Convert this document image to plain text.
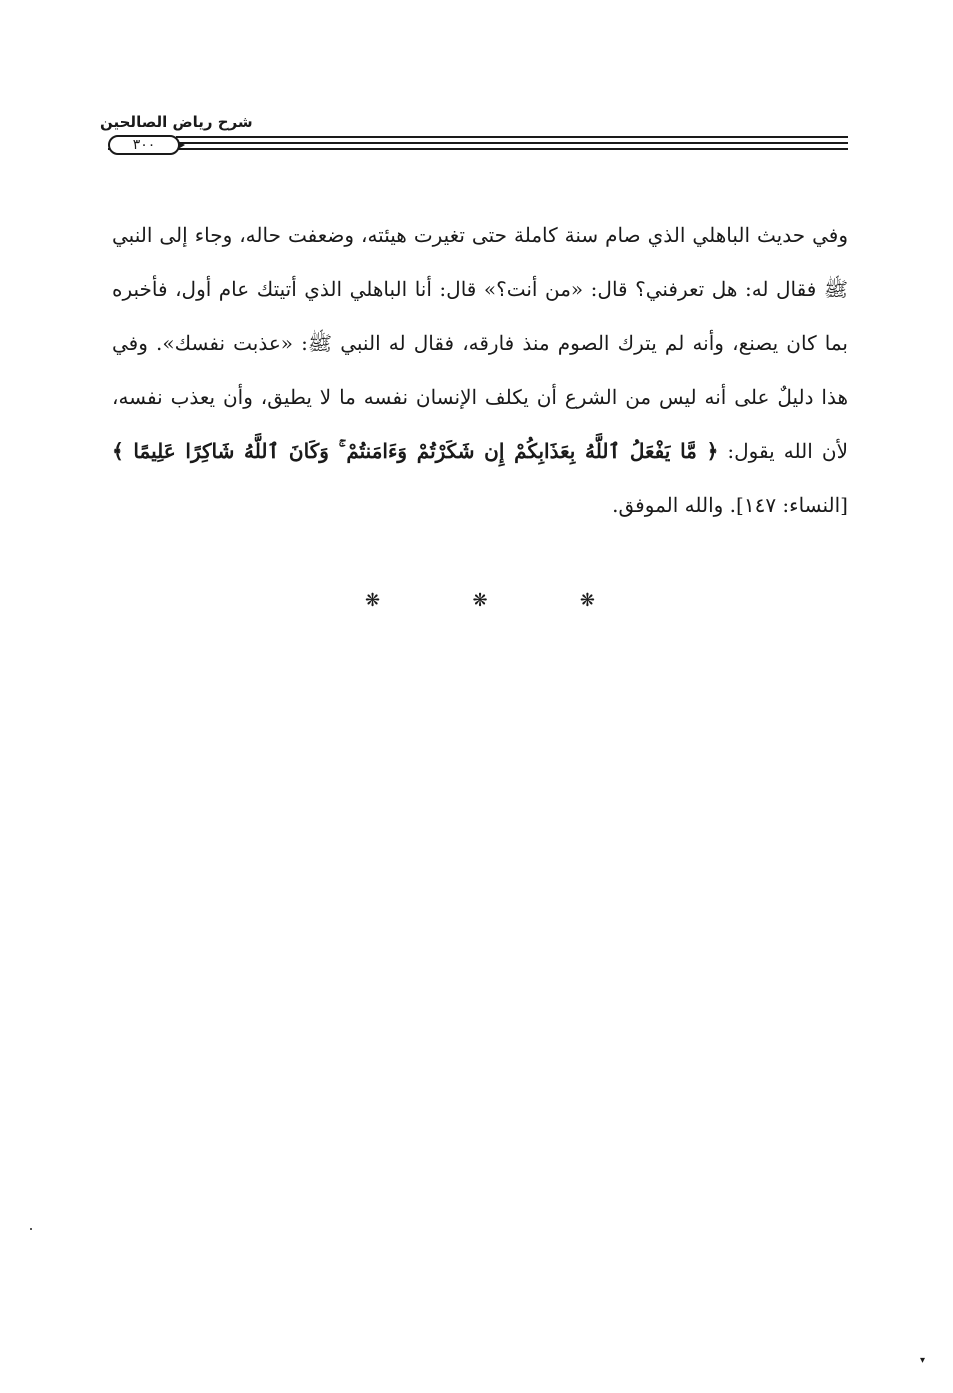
شرح رياض الصالحين
٣٠٠

وفي حديث الباهلي الذي صام سنة كاملة حتى تغيرت هيئته، وضعفت حاله، وجاء إلى النبي ﷺ فقال له: هل تعرفني؟ قال: «من أنت؟» قال: أنا الباهلي الذي أتيتك عام أول، فأخبره بما كان يصنع، وأنه لم يترك الصوم منذ فارقه، فقال له النبي ﷺ: «عذبت نفسك». وفي هذا دليلٌ على أنه ليس من الشرع أن يكلف الإنسان نفسه ما لا يطيق، وأن يعذب نفسه، لأن الله يقول: ﴿ مَّا يَفْعَلُ ٱللَّهُ بِعَذَابِكُمْ إِن شَكَرْتُمْ وَءَامَنتُمْ ۚ وَكَانَ ٱللَّهُ شَاكِرًا عَلِيمًا ﴾ [النساء: ١٤٧]. والله الموفق.

❋	❋	❋
▾
